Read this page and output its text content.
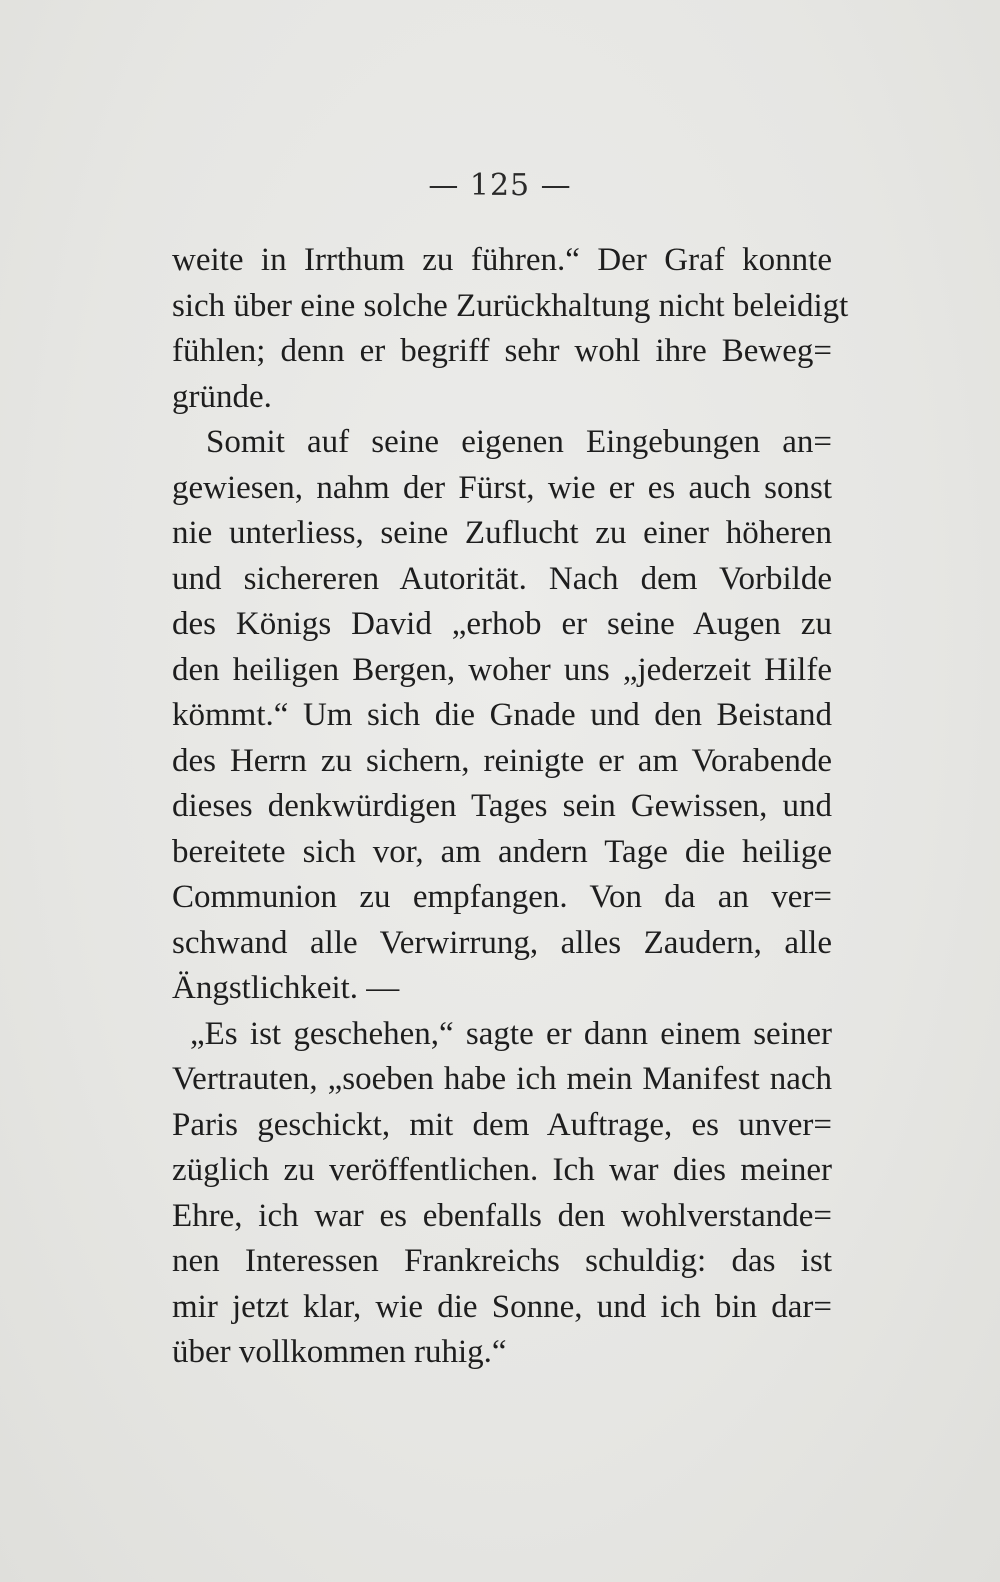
— 125 —
weite in Irrthum zu führen.“ Der Graf konnte
sich über eine solche Zurückhaltung nicht beleidigt
fühlen; denn er begriff sehr wohl ihre Beweg=
gründe.
Somit auf seine eigenen Eingebungen an=
gewiesen, nahm der Fürst, wie er es auch sonst
nie unterliess, seine Zuflucht zu einer höheren
und sichereren Autorität. Nach dem Vorbilde
des Königs David „erhob er seine Augen zu
den heiligen Bergen, woher uns „jederzeit Hilfe
kömmt.“ Um sich die Gnade und den Beistand
des Herrn zu sichern, reinigte er am Vorabende
dieses denkwürdigen Tages sein Gewissen, und
bereitete sich vor, am andern Tage die heilige
Communion zu empfangen. Von da an ver=
schwand alle Verwirrung, alles Zaudern, alle
Ängstlichkeit. —
„Es ist geschehen,“ sagte er dann einem seiner
Vertrauten, „soeben habe ich mein Manifest nach
Paris geschickt, mit dem Auftrage, es unver=
züglich zu veröffentlichen. Ich war dies meiner
Ehre, ich war es ebenfalls den wohlverstande=
nen Interessen Frankreichs schuldig: das ist
mir jetzt klar, wie die Sonne, und ich bin dar=
über vollkommen ruhig.“
